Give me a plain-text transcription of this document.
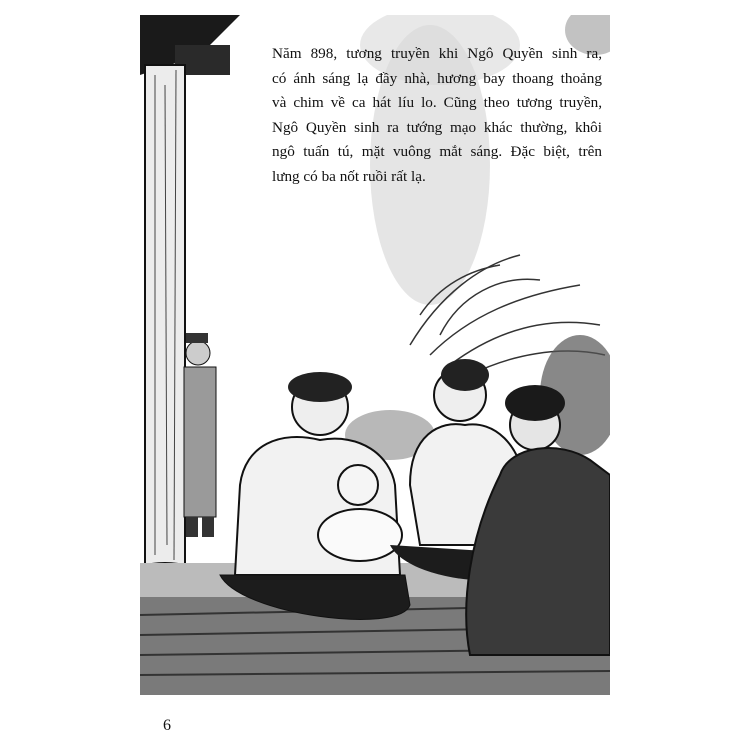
Năm 898, tương truyền khi Ngô Quyền sinh ra,
có ánh sáng lạ đầy nhà, hương bay thoang thoảng
và chim về ca hát líu lo. Cũng theo tương truyền,
Ngô Quyền sinh ra tướng mạo khác thường, khôi
ngô tuấn tú, mặt vuông mắt sáng. Đặc biệt, trên
lưng có ba nốt ruồi rất lạ.

6
